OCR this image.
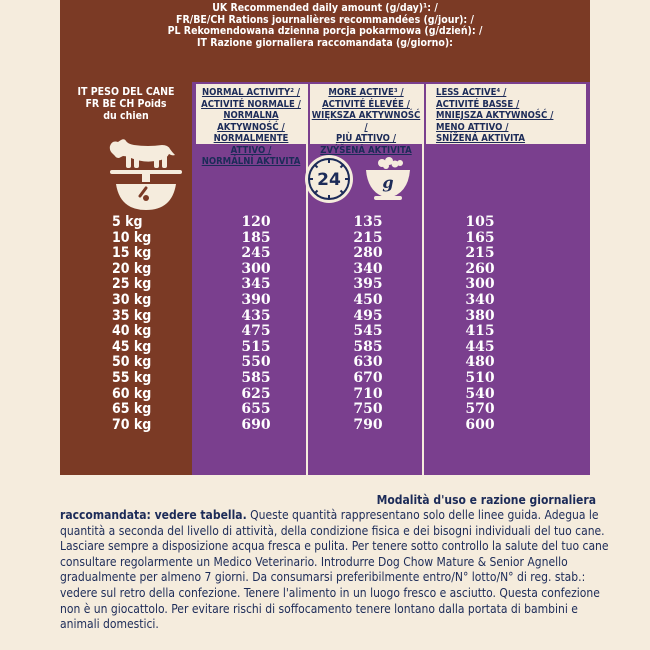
UK Recommended daily amount (g/day)¹: /
FR/BE/CH Rations journalières recommandées (g/jour): /
PL Rekomendowana dzienna porcja pokarmowa (g/dzień): /
IT Razione giornaliera raccomandata (g/giorno):
IT PESO DEL CANE
FR BE CH Poids
du chien
NORMAL ACTIVITY² /
ACTIVITÉ NORMALE /
NORMALNA AKTYWNOŚĆ /
NORMALMENTE ATTIVO /
NORMÁLNÍ AKTIVITA
MORE ACTIVE³ /
ACTIVITÉ ÉLEVÉE /
WIĘKSZA AKTYWNOŚĆ /
PIÙ ATTIVO /
ZVÝŠENÁ AKTIVITA
LESS ACTIVE⁴ /
ACTIVITÉ BASSE /
MNIEJSZA AKTYWNOŚĆ /
MENO ATTIVO /
SNÍŽENÁ AKTIVITA
24	g
5 kg	120	135	105
10 kg	185	215	165
15 kg	245	280	215
20 kg	300	340	260
25 kg	345	395	300
30 kg	390	450	340
35 kg	435	495	380
40 kg	475	545	415
45 kg	515	585	445
50 kg	550	630	480
55 kg	585	670	510
60 kg	625	710	540
65 kg	655	750	570
70 kg	690	790	600
Modalità d'uso e razione giornaliera
raccomandata: vedere tabella. Queste quantità rappresentano solo delle linee guida. Adegua le quantità a seconda del livello di attività, della condizione fisica e dei bisogni individuali del tuo cane. Lasciare sempre a disposizione acqua fresca e pulita. Per tenere sotto controllo la salute del tuo cane consultare regolarmente un Medico Veterinario. Introdurre Dog Chow Mature & Senior Agnello gradualmente per almeno 7 giorni. Da consumarsi preferibilmente entro/N° lotto/N° di reg. stab.: vedere sul retro della confezione. Tenere l'alimento in un luogo fresco e asciutto. Questa confezione non è un giocattolo. Per evitare rischi di soffocamento tenere lontano dalla portata di bambini e animali domestici.
